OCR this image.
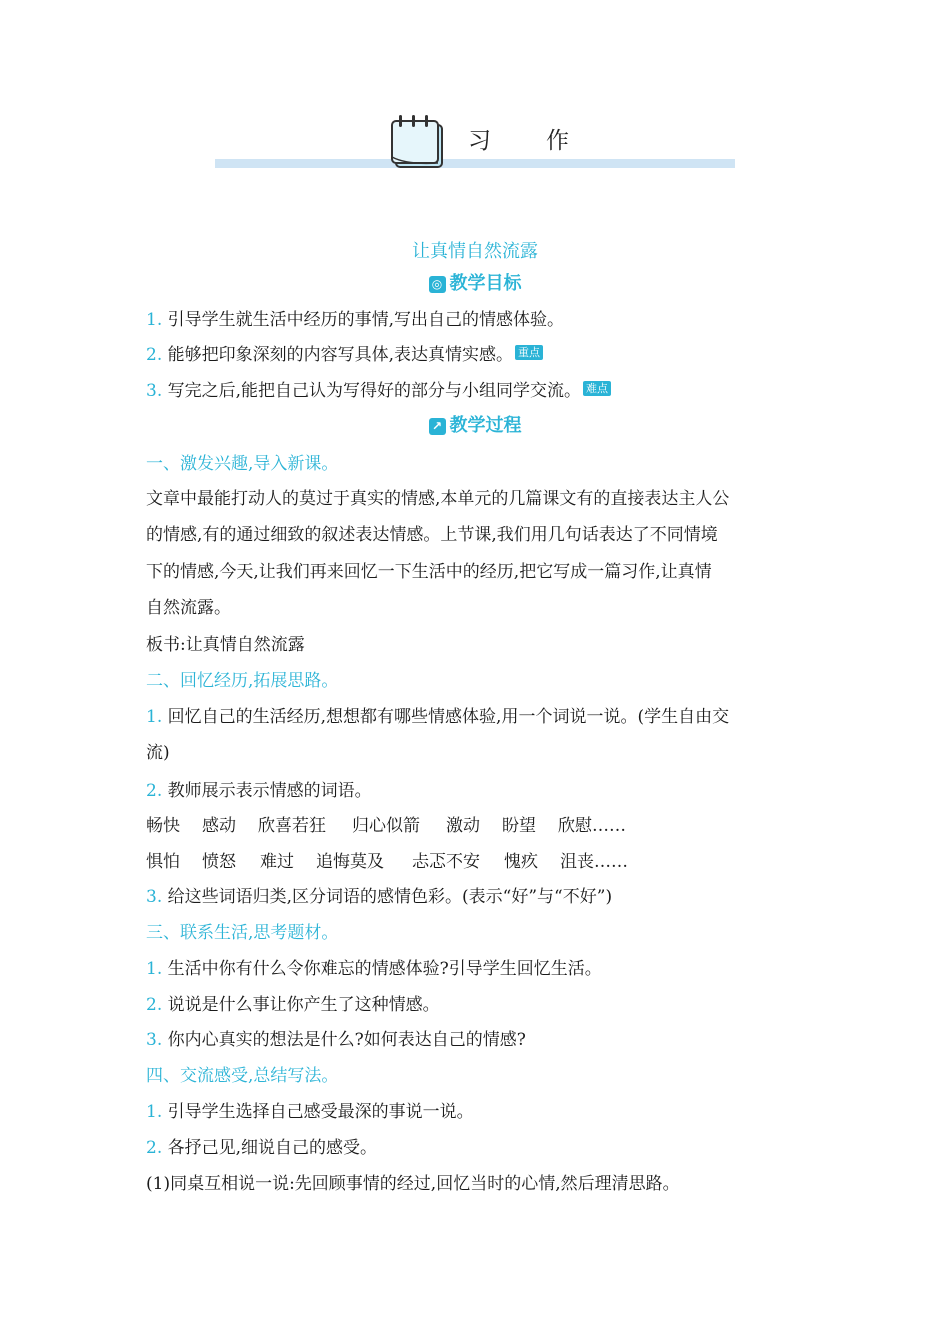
习 作
让真情自然流露
◎ 教学目标
1. 引导学生就生活中经历的事情,写出自己的情感体验。
2. 能够把印象深刻的内容写具体,表达真情实感。 重点
3. 写完之后,能把自己认为写得好的部分与小组同学交流。 难点
↗ 教学过程
一、激发兴趣,导入新课。
文章中最能打动人的莫过于真实的情感,本单元的几篇课文有的直接表达主人公
的情感,有的通过细致的叙述表达情感。上节课,我们用几句话表达了不同情境
下的情感,今天,让我们再来回忆一下生活中的经历,把它写成一篇习作,让真情
自然流露。
板书:让真情自然流露
二、回忆经历,拓展思路。
1. 回忆自己的生活经历,想想都有哪些情感体验,用一个词说一说。(学生自由交
流)
2. 教师展示表示情感的词语。
畅快 感动 欣喜若狂 归心似箭 激动 盼望 欣慰……
惧怕 愤怒 难过 追悔莫及 忐忑不安 愧疚 沮丧……
3. 给这些词语归类,区分词语的感情色彩。(表示“好”与“不好”)
三、联系生活,思考题材。
1. 生活中你有什么令你难忘的情感体验?引导学生回忆生活。
2. 说说是什么事让你产生了这种情感。
3. 你内心真实的想法是什么?如何表达自己的情感?
四、交流感受,总结写法。
1. 引导学生选择自己感受最深的事说一说。
2. 各抒己见,细说自己的感受。
(1)同桌互相说一说:先回顾事情的经过,回忆当时的心情,然后理清思路。
